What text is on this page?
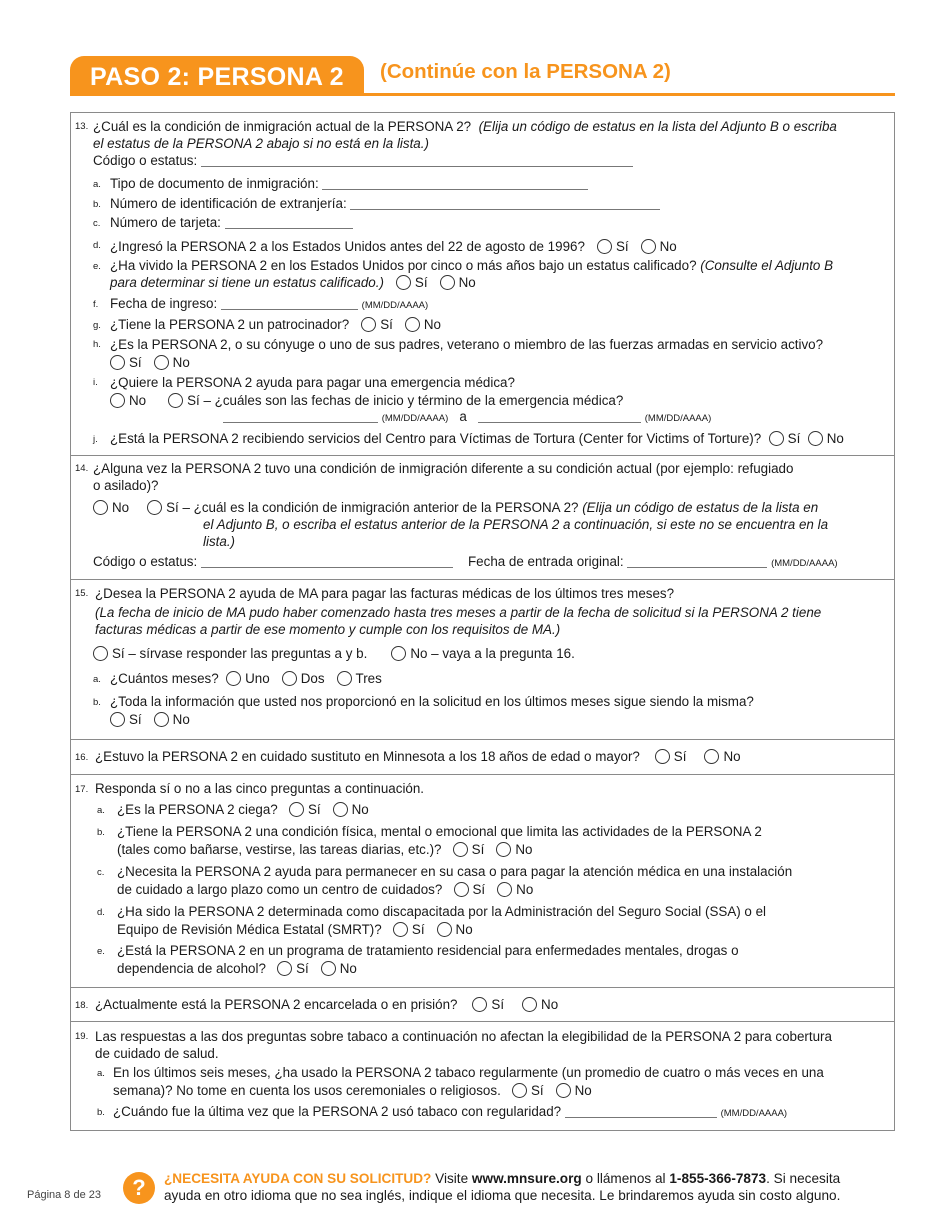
PASO 2: PERSONA 2	(Continúe con la PERSONA 2)
13. ¿Cuál es la condición de inmigración actual de la PERSONA 2? (Elija un código de estatus en la lista del Adjunto B o escriba
el estatus de la PERSONA 2 abajo si no está en la lista.)
Código o estatus:
a. Tipo de documento de inmigración:
b. Número de identificación de extranjería:
c. Número de tarjeta:
d. ¿Ingresó la PERSONA 2 a los Estados Unidos antes del 22 de agosto de 1996? Sí No
e. ¿Ha vivido la PERSONA 2 en los Estados Unidos por cinco o más años bajo un estatus calificado? (Consulte el Adjunto B
para determinar si tiene un estatus calificado.) Sí No
f. Fecha de ingreso:	(MM/DD/AAAA)
g. ¿Tiene la PERSONA 2 un patrocinador? Sí No
h. ¿Es la PERSONA 2, o su cónyuge o uno de sus padres, veterano o miembro de las fuerzas armadas en servicio activo?
Sí No
i. ¿Quiere la PERSONA 2 ayuda para pagar una emergencia médica?
No	Sí – ¿cuáles son las fechas de inicio y término de la emergencia médica?
(MM/DD/AAAA) a	(MM/DD/AAAA)
j. ¿Está la PERSONA 2 recibiendo servicios del Centro para Víctimas de Tortura (Center for Victims of Torture)? Sí No
14. ¿Alguna vez la PERSONA 2 tuvo una condición de inmigración diferente a su condición actual (por ejemplo: refugiado
o asilado)?
No	Sí – ¿cuál es la condición de inmigración anterior de la PERSONA 2? (Elija un código de estatus de la lista en
el Adjunto B, o escriba el estatus anterior de la PERSONA 2 a continuación, si este no se encuentra en la
lista.)
Código o estatus:	Fecha de entrada original:	(MM/DD/AAAA)
15. ¿Desea la PERSONA 2 ayuda de MA para pagar las facturas médicas de los últimos tres meses?
(La fecha de inicio de MA pudo haber comenzado hasta tres meses a partir de la fecha de solicitud si la PERSONA 2 tiene
facturas médicas a partir de ese momento y cumple con los requisitos de MA.)
Sí – sírvase responder las preguntas a y b.	No – vaya a la pregunta 16.
a. ¿Cuántos meses? Uno Dos Tres
b. ¿Toda la información que usted nos proporcionó en la solicitud en los últimos meses sigue siendo la misma?
Sí No
16. ¿Estuvo la PERSONA 2 en cuidado sustituto en Minnesota a los 18 años de edad o mayor?	Sí	No
17. Responda sí o no a las cinco preguntas a continuación.
a. ¿Es la PERSONA 2 ciega? Sí No
b. ¿Tiene la PERSONA 2 una condición física, mental o emocional que limita las actividades de la PERSONA 2
(tales como bañarse, vestirse, las tareas diarias, etc.)? Sí No
c. ¿Necesita la PERSONA 2 ayuda para permanecer en su casa o para pagar la atención médica en una instalación
de cuidado a largo plazo como un centro de cuidados? Sí No
d. ¿Ha sido la PERSONA 2 determinada como discapacitada por la Administración del Seguro Social (SSA) o el
Equipo de Revisión Médica Estatal (SMRT)? Sí No
e. ¿Está la PERSONA 2 en un programa de tratamiento residencial para enfermedades mentales, drogas o
dependencia de alcohol? Sí No
18. ¿Actualmente está la PERSONA 2 encarcelada o en prisión?	Sí	No
19. Las respuestas a las dos preguntas sobre tabaco a continuación no afectan la elegibilidad de la PERSONA 2 para cobertura
de cuidado de salud.
a. En los últimos seis meses, ¿ha usado la PERSONA 2 tabaco regularmente (un promedio de cuatro o más veces en una
semana)? No tome en cuenta los usos ceremoniales o religiosos. Sí No
b. ¿Cuándo fue la última vez que la PERSONA 2 usó tabaco con regularidad?	(MM/DD/AAAA)
Página 8 de 23	?	¿NECESITA AYUDA CON SU SOLICITUD? Visite www.mnsure.org o llámenos al 1-855-366-7873. Si necesita
ayuda en otro idioma que no sea inglés, indique el idioma que necesita. Le brindaremos ayuda sin costo alguno.
